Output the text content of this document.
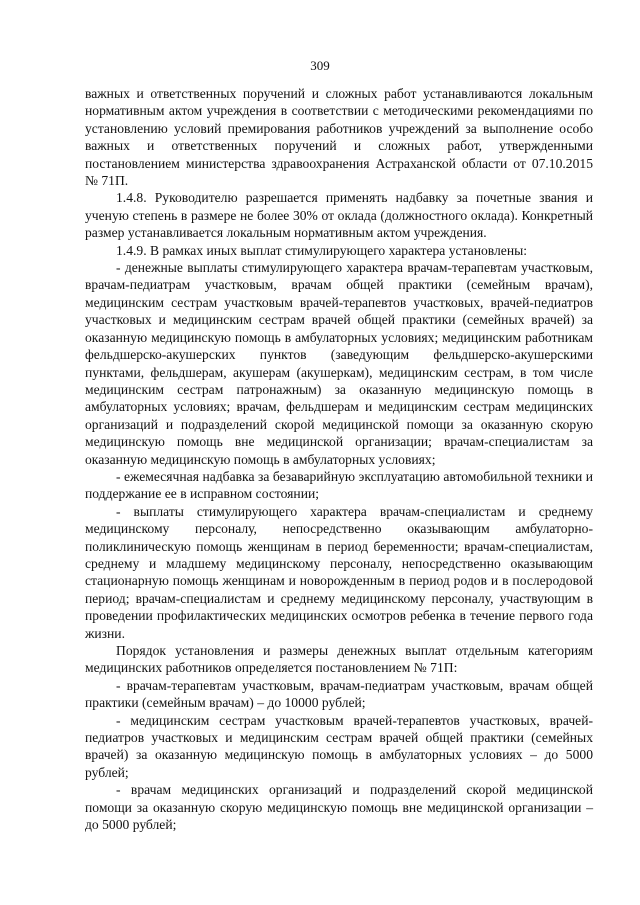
309

важных и ответственных поручений и сложных работ устанавливаются локальным нормативным актом учреждения в соответствии с методическими рекомендациями по установлению условий премирования работников учреждений за выполнение особо важных и ответственных поручений и сложных работ, утвержденными постановлением министерства здравоохранения Астраханской области от 07.10.2015 № 71П.

1.4.8. Руководителю разрешается применять надбавку за почетные звания и ученую степень в размере не более 30% от оклада (должностного оклада). Конкретный размер устанавливается локальным нормативным актом учреждения.

1.4.9. В рамках иных выплат стимулирующего характера установлены:

- денежные выплаты стимулирующего характера врачам-терапевтам участковым, врачам-педиатрам участковым, врачам общей практики (семейным врачам), медицинским сестрам участковым врачей-терапевтов участковых, врачей-педиатров участковых и медицинским сестрам врачей общей практики (семейных врачей) за оказанную медицинскую помощь в амбулаторных условиях; медицинским работникам фельдшерско-акушерских пунктов (заведующим фельдшерско-акушерскими пунктами, фельдшерам, акушерам (акушеркам), медицинским сестрам, в том числе медицинским сестрам патронажным) за оказанную медицинскую помощь в амбулаторных условиях; врачам, фельдшерам и медицинским сестрам медицинских организаций и подразделений скорой медицинской помощи за оказанную скорую медицинскую помощь вне медицинской организации; врачам-специалистам за оказанную медицинскую помощь в амбулаторных условиях;

- ежемесячная надбавка за безаварийную эксплуатацию автомобильной техники и поддержание ее в исправном состоянии;

- выплаты стимулирующего характера врачам-специалистам и среднему медицинскому персоналу, непосредственно оказывающим амбулаторно-поликлиническую помощь женщинам в период беременности; врачам-специалистам, среднему и младшему медицинскому персоналу, непосредственно оказывающим стационарную помощь женщинам и новорожденным в период родов и в послеродовой период; врачам-специалистам и среднему медицинскому персоналу, участвующим в проведении профилактических медицинских осмотров ребенка в течение первого года жизни.

Порядок установления и размеры денежных выплат отдельным категориям медицинских работников определяется постановлением № 71П:

- врачам-терапевтам участковым, врачам-педиатрам участковым, врачам общей практики (семейным врачам) – до 10000 рублей;

- медицинским сестрам участковым врачей-терапевтов участковых, врачей-педиатров участковых и медицинским сестрам врачей общей практики (семейных врачей) за оказанную медицинскую помощь в амбулаторных условиях – до 5000 рублей;

- врачам медицинских организаций и подразделений скорой медицинской помощи за оказанную скорую медицинскую помощь вне медицинской организации – до 5000 рублей;
